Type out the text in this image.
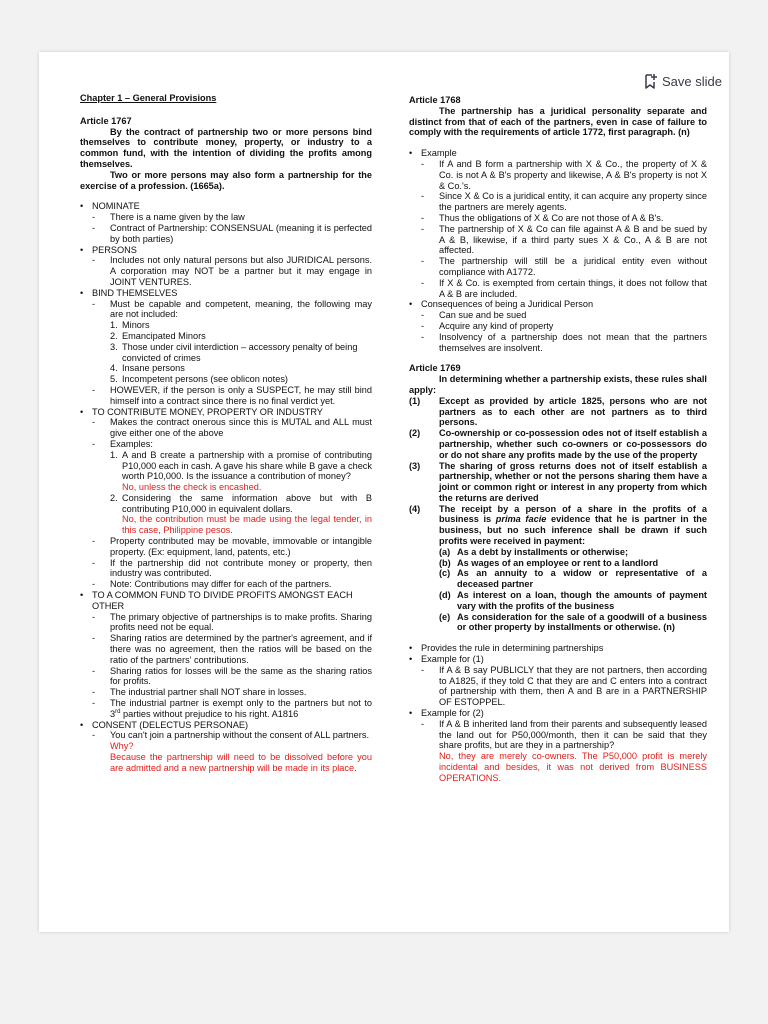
Save slide

Chapter 1 – General Provisions

Article 1767

By the contract of partnership two or more persons bind themselves to contribute money, property, or industry to a common fund, with the intention of dividing the profits among themselves.

Two or more persons may also form a partnership for the exercise of a profession. (1665a).

• NOMINATE

- There is a name given by the law

- Contract of Partnership: CONSENSUAL (meaning it is perfected by both parties)

• PERSONS

- Includes not only natural persons but also JURIDICAL persons. A corporation may NOT be a partner but it may engage in JOINT VENTURES.

• BIND THEMSELVES

- Must be capable and competent, meaning, the following may are not included:

1. Minors

2. Emancipated Minors

3. Those under civil interdiction – accessory penalty of being convicted of crimes

4. Insane persons

5. Incompetent persons (see oblicon notes)

- HOWEVER, if the person is only a SUSPECT, he may still bind himself into a contract since there is no final verdict yet.

• TO CONTRIBUTE MONEY, PROPERTY OR INDUSTRY

- Makes the contract onerous since this is MUTAL and ALL must give either one of the above

- Examples:

1. A and B create a partnership with a promise of contributing P10,000 each in cash. A gave his share while B gave a check worth P10,000. Is the issuance a contribution of money?

No, unless the check is encashed.

2. Considering the same information above but with B contributing P10,000 in equivalent dollars.

No, the contribution must be made using the legal tender, in this case, Philippine pesos.

- Property contributed may be movable, immovable or intangible property. (Ex: equipment, land, patents, etc.)

- If the partnership did not contribute money or property, then industry was contributed.

- Note: Contributions may differ for each of the partners.

• TO A COMMON FUND TO DIVIDE PROFITS AMONGST EACH OTHER

- The primary objective of partnerships is to make profits. Sharing profits need not be equal.

- Sharing ratios are determined by the partner's agreement, and if there was no agreement, then the ratios will be based on the ratio of the partners' contributions.

- Sharing ratios for losses will be the same as the sharing ratios for profits.

- The industrial partner shall NOT share in losses.

- The industrial partner is exempt only to the partners but not to 3rd parties without prejudice to his right. A1816

• CONSENT (DELECTUS PERSONAE)

- You can't join a partnership without the consent of ALL partners.

Why?

Because the partnership will need to be dissolved before you are admitted and a new partnership will be made in its place.

Article 1768

The partnership has a juridical personality separate and distinct from that of each of the partners, even in case of failure to comply with the requirements of article 1772, first paragraph. (n)

• Example

- If A and B form a partnership with X & Co., the property of X & Co. is not A & B's property and likewise, A & B's property is not X & Co.'s.

- Since X & Co is a juridical entity, it can acquire any property since the partners are merely agents.

- Thus the obligations of X & Co are not those of A & B's.

- The partnership of X & Co can file against A & B and be sued by A & B, likewise, if a third party sues X & Co., A & B are not affected.

- The partnership will still be a juridical entity even without compliance with A1772.

- If X & Co. is exempted from certain things, it does not follow that A & B are included.

• Consequences of being a Juridical Person

- Can sue and be sued

- Acquire any kind of property

- Insolvency of a partnership does not mean that the partners themselves are insolvent.

Article 1769

In determining whether a partnership exists, these rules shall apply:

(1) Except as provided by article 1825, persons who are not partners as to each other are not partners as to third persons.

(2) Co-ownership or co-possession odes not of itself establish a partnership, whether such co-owners or co-possessors do or do not share any profits made by the use of the property

(3) The sharing of gross returns does not of itself establish a partnership, whether or not the persons sharing them have a joint or common right or interest in any property from which the returns are derived

(4) The receipt by a person of a share in the profits of a business is prima facie evidence that he is partner in the business, but no such inference shall be drawn if such profits were received in payment:

(a) As a debt by installments or otherwise;

(b) As wages of an employee or rent to a landlord

(c) As an annuity to a widow or representative of a deceased partner

(d) As interest on a loan, though the amounts of payment vary with the profits of the business

(e) As consideration for the sale of a goodwill of a business or other property by installments or otherwise. (n)

• Provides the rule in determining partnerships

• Example for (1)

- If A & B say PUBLICLY that they are not partners, then according to A1825, if they told C that they are and C enters into a contract of partnership with them, then A and B are in a PARTNERSHIP OF ESTOPPEL.

• Example for (2)

- If A & B inherited land from their parents and subsequently leased the land out for P50,000/month, then it can be said that they share profits, but are they in a partnership?

No, they are merely co-owners. The P50,000 profit is merely incidental and besides, it was not derived from BUSINESS OPERATIONS.
